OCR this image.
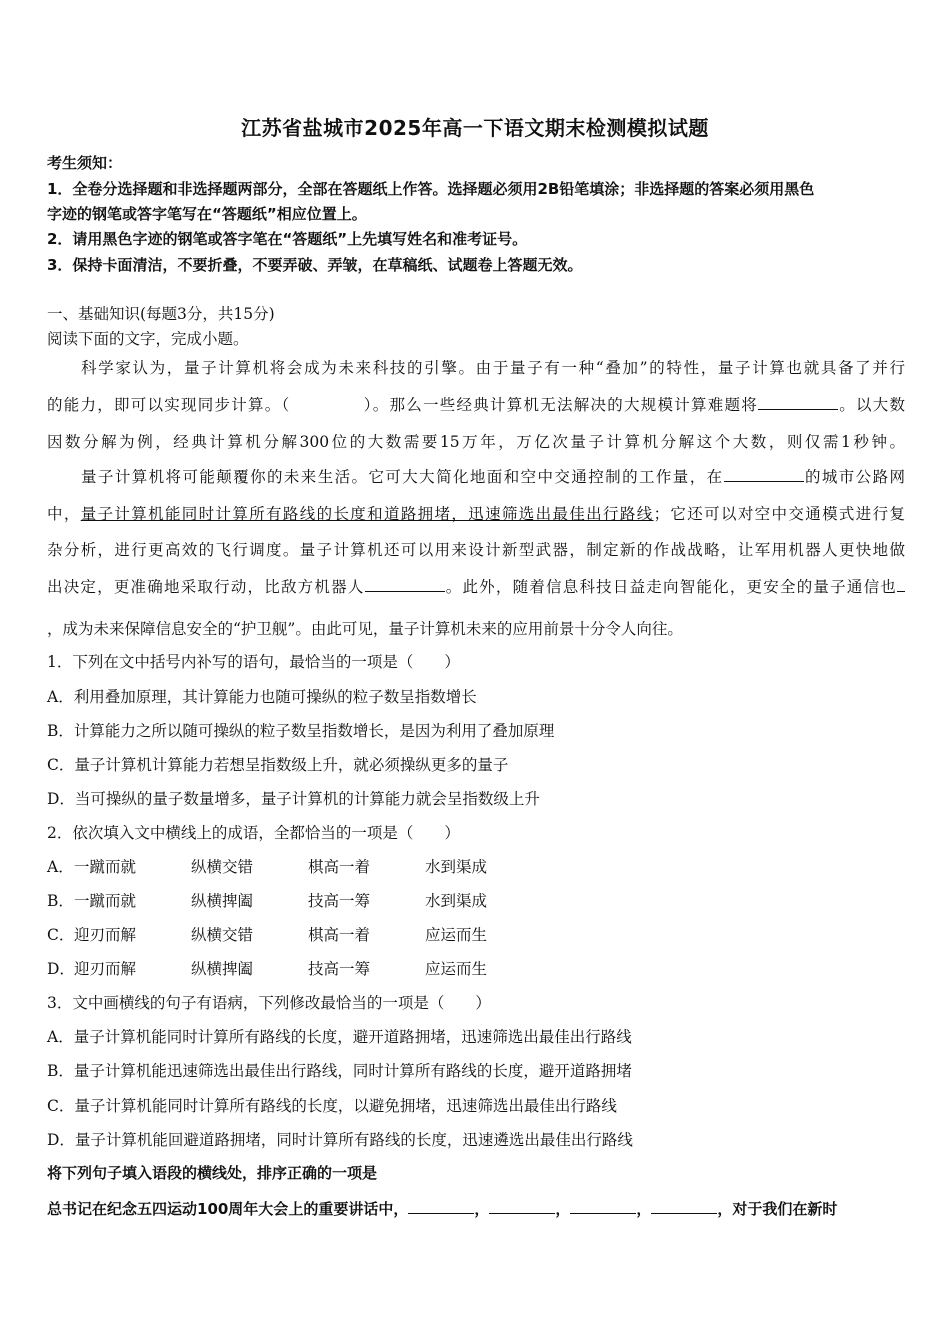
江苏省盐城市2025年高一下语文期末检测模拟试题
考生须知：
1．全卷分选择题和非选择题两部分，全部在答题纸上作答。选择题必须用2B铅笔填涂；非选择题的答案必须用黑色
字迹的钢笔或答字笔写在“答题纸”相应位置上。
2．请用黑色字迹的钢笔或答字笔在“答题纸”上先填写姓名和准考证号。
3．保持卡面清洁，不要折叠，不要弄破、弄皱，在草稿纸、试题卷上答题无效。
一、基础知识(每题3分，共15分)
阅读下面的文字，完成小题。
科学家认为，量子计算机将会成为未来科技的引擎。由于量子有一种“叠加”的特性，量子计算也就具备了并行
的能力，即可以实现同步计算。（	）。那么一些经典计算机无法解决的大规模计算难题将	。以大数
因数分解为例，经典计算机分解300位的大数需要15万年，万亿次量子计算机分解这个大数，则仅需1秒钟。
量子计算机将可能颠覆你的未来生活。它可大大简化地面和空中交通控制的工作量，在	的城市公路网
中，量子计算机能同时计算所有路线的长度和道路拥堵，迅速筛选出最佳出行路线；它还可以对空中交通模式进行复
杂分析，进行更高效的飞行调度。量子计算机还可以用来设计新型武器，制定新的作战战略，让军用机器人更快地做
出决定，更准确地采取行动，比敌方机器人	。此外，随着信息科技日益走向智能化，更安全的量子通信也
，成为未来保障信息安全的“护卫舰”。由此可见，量子计算机未来的应用前景十分令人向往。
1．下列在文中括号内补写的语句，最恰当的一项是（　　）
A．利用叠加原理，其计算能力也随可操纵的粒子数呈指数增长
B．计算能力之所以随可操纵的粒子数呈指数增长，是因为利用了叠加原理
C．量子计算机计算能力若想呈指数级上升，就必须操纵更多的量子
D．当可操纵的量子数量增多，量子计算机的计算能力就会呈指数级上升
2．依次填入文中横线上的成语，全都恰当的一项是（　　）
A．一蹴而就	纵横交错	棋高一着	水到渠成
B．一蹴而就	纵横捭阖	技高一筹	水到渠成
C．迎刃而解	纵横交错	棋高一着	应运而生
D．迎刃而解	纵横捭阖	技高一筹	应运而生
3．文中画横线的句子有语病，下列修改最恰当的一项是（　　）
A．量子计算机能同时计算所有路线的长度，避开道路拥堵，迅速筛选出最佳出行路线
B．量子计算机能迅速筛选出最佳出行路线，同时计算所有路线的长度，避开道路拥堵
C．量子计算机能同时计算所有路线的长度，以避免拥堵，迅速筛选出最佳出行路线
D．量子计算机能回避道路拥堵，同时计算所有路线的长度，迅速遴选出最佳出行路线
将下列句子填入语段的横线处，排序正确的一项是
总书记在纪念五四运动100周年大会上的重要讲话中，	，	，	，	，对于我们在新时
